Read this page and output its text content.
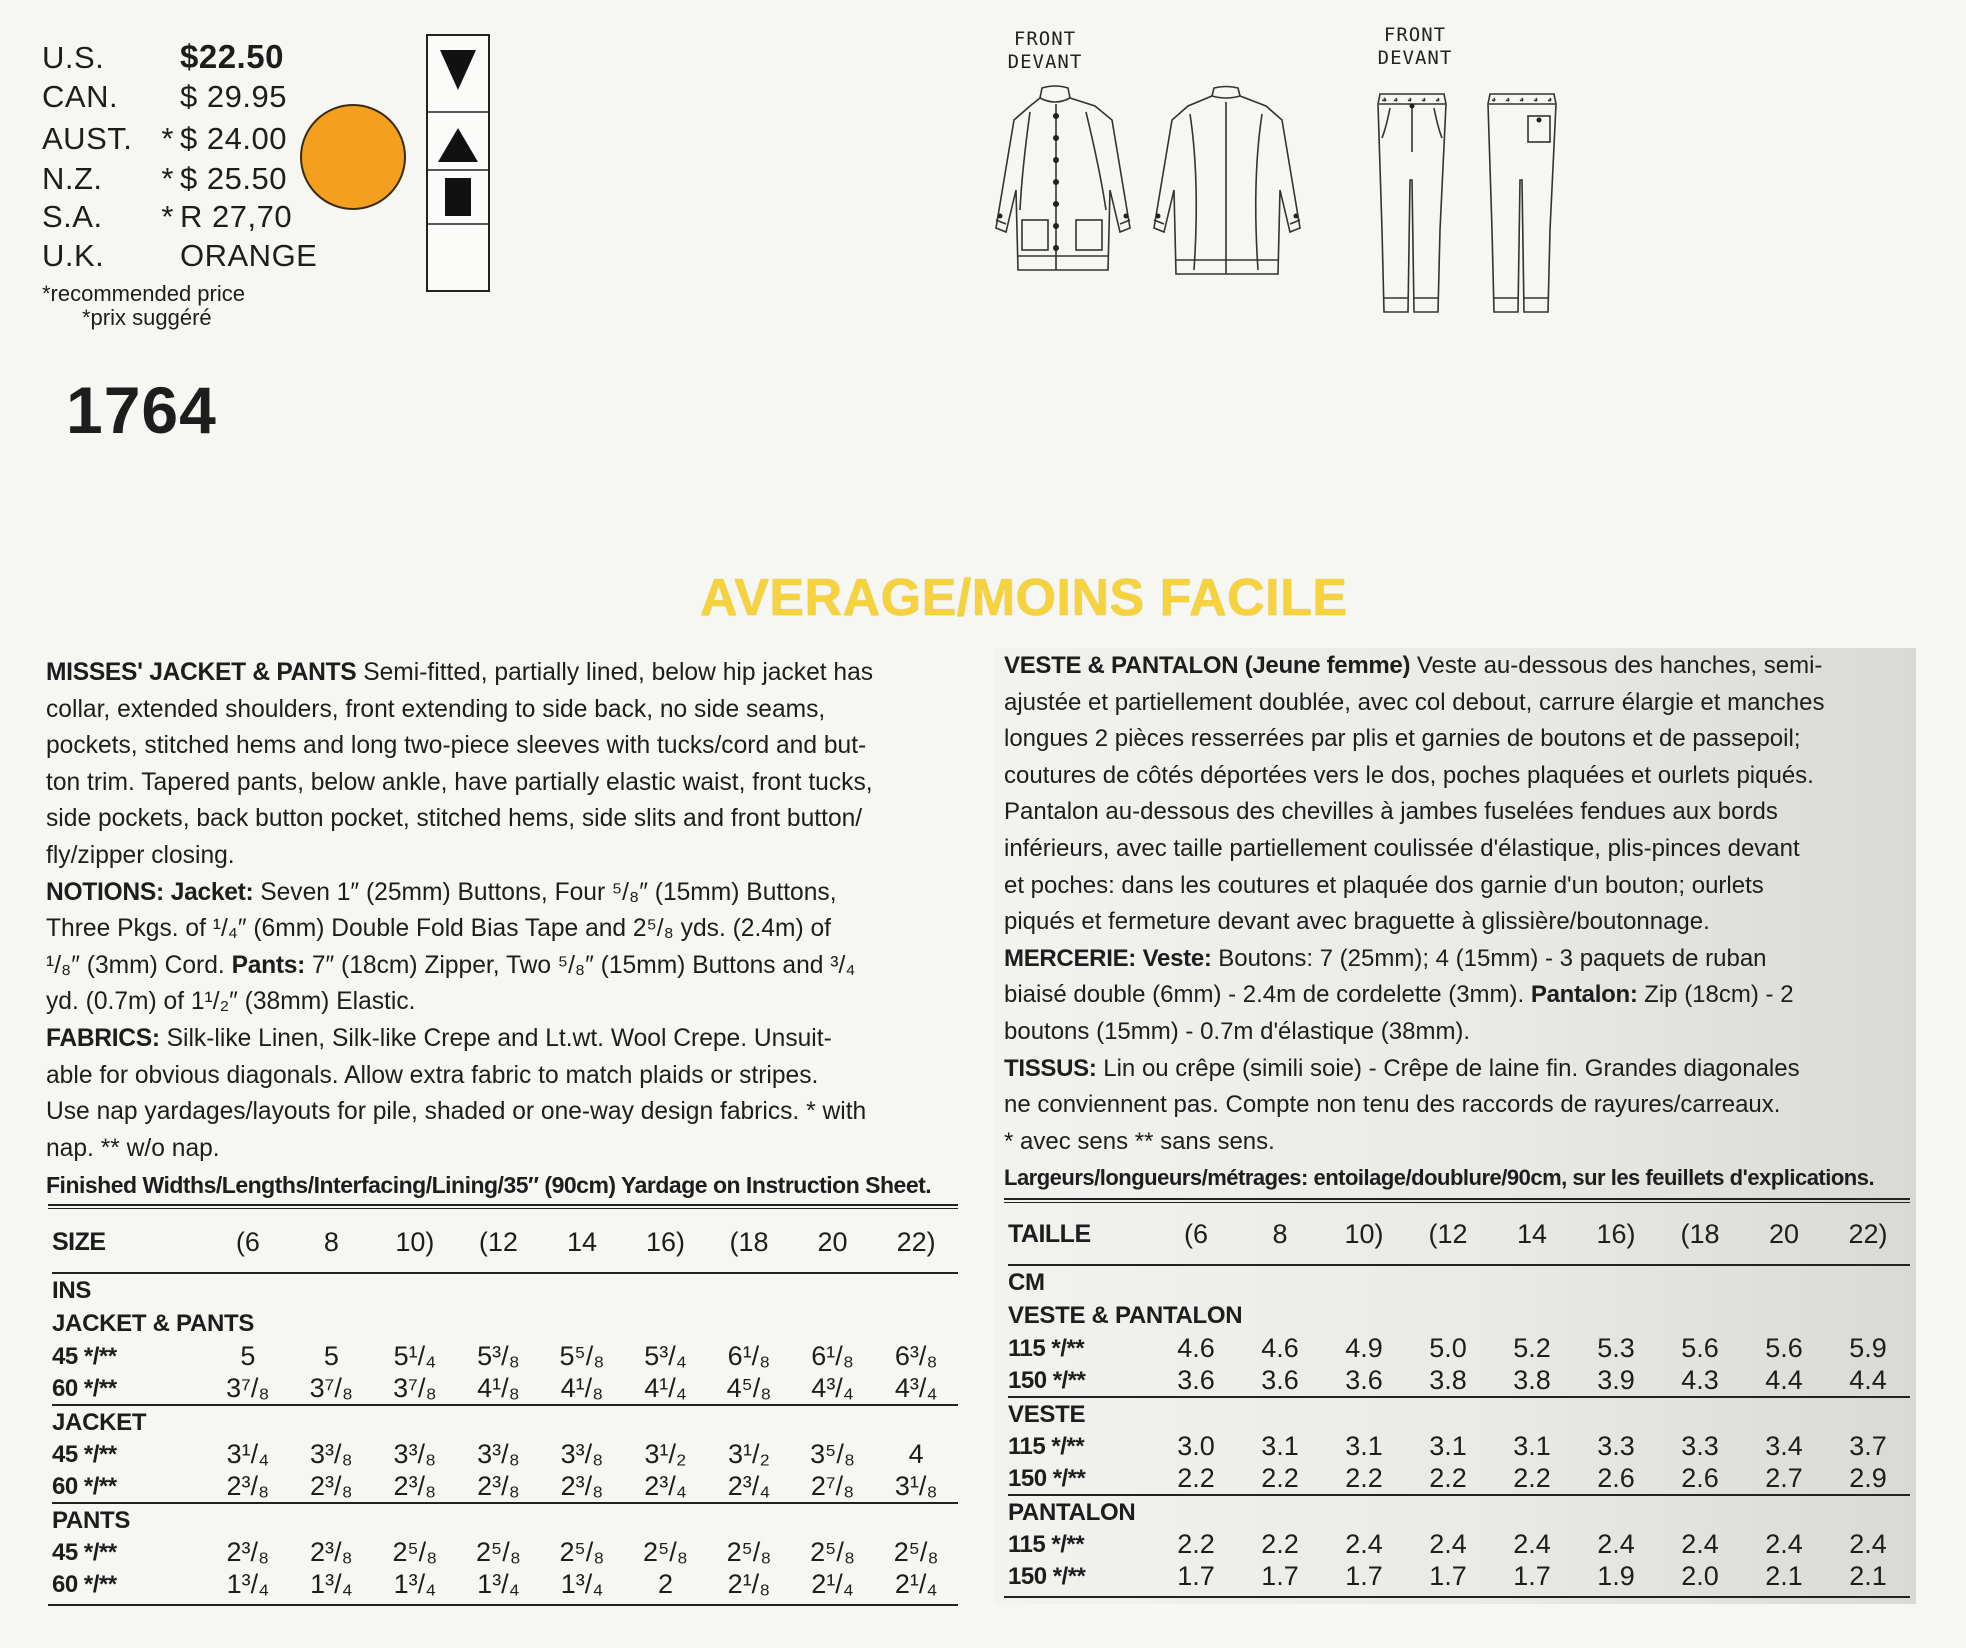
U.S. $22.50
CAN. $ 29.95
AUST. * $ 24.00
N.Z. * $ 25.50
S.A. * R 27,70
U.K. ORANGE
*recommended price
*prix suggéré
1764
FRONT
DEVANT
FRONT
DEVANT
AVERAGE/MOINS FACILE
MISSES' JACKET & PANTS Semi-fitted, partially lined, below hip jacket has
collar, extended shoulders, front extending to side back, no side seams,
pockets, stitched hems and long two-piece sleeves with tucks/cord and but-
ton trim. Tapered pants, below ankle, have partially elastic waist, front tucks,
side pockets, back button pocket, stitched hems, side slits and front button/
fly/zipper closing.
NOTIONS: Jacket: Seven 1″ (25mm) Buttons, Four ⁵/₈″ (15mm) Buttons,
Three Pkgs. of ¹/₄″ (6mm) Double Fold Bias Tape and 2⁵/₈ yds. (2.4m) of
¹/₈″ (3mm) Cord. Pants: 7″ (18cm) Zipper, Two ⁵/₈″ (15mm) Buttons and ³/₄
yd. (0.7m) of 1¹/₂″ (38mm) Elastic.
FABRICS: Silk-like Linen, Silk-like Crepe and Lt.wt. Wool Crepe. Unsuit-
able for obvious diagonals. Allow extra fabric to match plaids or stripes.
Use nap yardages/layouts for pile, shaded or one-way design fabrics. * with
nap. ** w/o nap.
Finished Widths/Lengths/Interfacing/Lining/35″ (90cm) Yardage on Instruction Sheet.
VESTE & PANTALON (Jeune femme) Veste au-dessous des hanches, semi-
ajustée et partiellement doublée, avec col debout, carrure élargie et manches
longues 2 pièces resserrées par plis et garnies de boutons et de passepoil;
coutures de côtés déportées vers le dos, poches plaquées et ourlets piqués.
Pantalon au-dessous des chevilles à jambes fuselées fendues aux bords
inférieurs, avec taille partiellement coulissée d'élastique, plis-pinces devant
et poches: dans les coutures et plaquée dos garnie d'un bouton; ourlets
piqués et fermeture devant avec braguette à glissière/boutonnage.
MERCERIE: Veste: Boutons: 7 (25mm); 4 (15mm) - 3 paquets de ruban
biaisé double (6mm) - 2.4m de cordelette (3mm). Pantalon: Zip (18cm) - 2
boutons (15mm) - 0.7m d'élastique (38mm).
TISSUS: Lin ou crêpe (simili soie) - Crêpe de laine fin. Grandes diagonales
ne conviennent pas. Compte non tenu des raccords de rayures/carreaux.
* avec sens ** sans sens.
Largeurs/longueurs/métrages: entoilage/doublure/90cm, sur les feuillets d'explications.
SIZE	(6	8	10)	(12	14	16)	(18	20	22)
INS									
JACKET & PANTS									
45 */**	5	5	5¹/₄	5³/₈	5⁵/₈	5³/₄	6¹/₈	6¹/₈	6³/₈
60 */**	3⁷/₈	3⁷/₈	3⁷/₈	4¹/₈	4¹/₈	4¹/₄	4⁵/₈	4³/₄	4³/₄
JACKET									
45 */**	3¹/₄	3³/₈	3³/₈	3³/₈	3³/₈	3¹/₂	3¹/₂	3⁵/₈	4
60 */**	2³/₈	2³/₈	2³/₈	2³/₈	2³/₈	2³/₄	2³/₄	2⁷/₈	3¹/₈
PANTS									
45 */**	2³/₈	2³/₈	2⁵/₈	2⁵/₈	2⁵/₈	2⁵/₈	2⁵/₈	2⁵/₈	2⁵/₈
60 */**	1³/₄	1³/₄	1³/₄	1³/₄	1³/₄	2	2¹/₈	2¹/₄	2¹/₄
TAILLE	(6	8	10)	(12	14	16)	(18	20	22)
CM									
VESTE & PANTALON									
115 */**	4.6	4.6	4.9	5.0	5.2	5.3	5.6	5.6	5.9
150 */**	3.6	3.6	3.6	3.8	3.8	3.9	4.3	4.4	4.4
VESTE									
115 */**	3.0	3.1	3.1	3.1	3.1	3.3	3.3	3.4	3.7
150 */**	2.2	2.2	2.2	2.2	2.2	2.6	2.6	2.7	2.9
PANTALON									
115 */**	2.2	2.2	2.4	2.4	2.4	2.4	2.4	2.4	2.4
150 */**	1.7	1.7	1.7	1.7	1.7	1.9	2.0	2.1	2.1
